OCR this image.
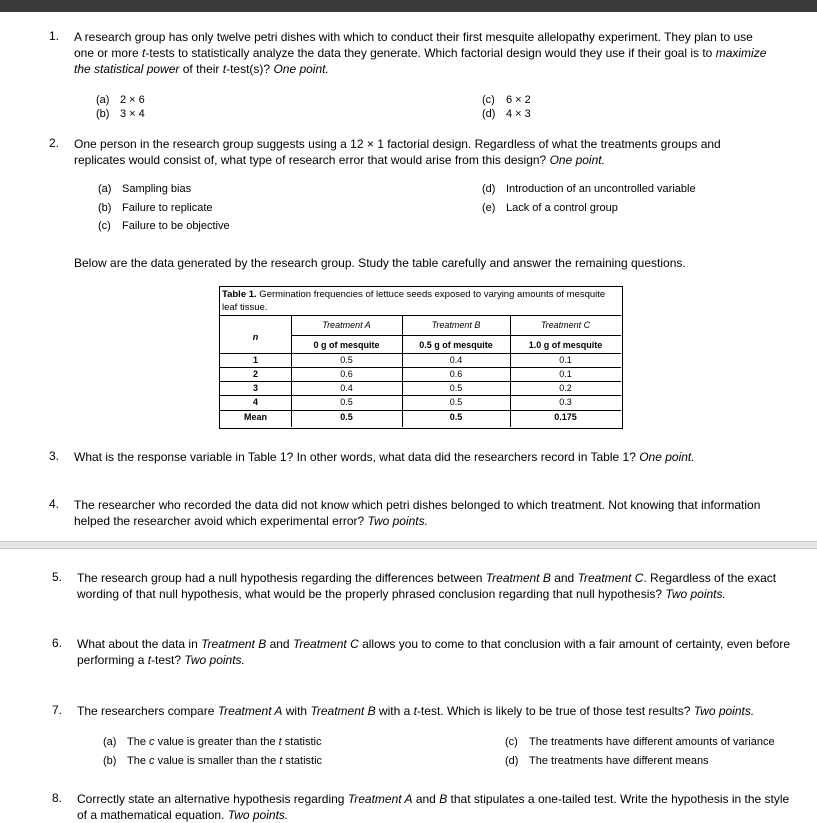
1. A research group has only twelve petri dishes with which to conduct their first mesquite allelopathy experiment. They plan to use one or more t-tests to statistically analyze the data they generate. Which factorial design would they use if their goal is to maximize the statistical power of their t-test(s)? One point.
(a) 2 × 6
(b) 3 × 4
(c) 6 × 2
(d) 4 × 3
2. One person in the research group suggests using a 12 × 1 factorial design. Regardless of what the treatments groups and replicates would consist of, what type of research error that would arise from this design? One point.
(a) Sampling bias
(b) Failure to replicate
(c) Failure to be objective
(d) Introduction of an uncontrolled variable
(e) Lack of a control group
Below are the data generated by the research group. Study the table carefully and answer the remaining questions.
Table 1. Germination frequencies of lettuce seeds exposed to varying amounts of mesquite leaf tissue.
n
Treatment A	Treatment B	Treatment C
0 g of mesquite	0.5 g of mesquite	1.0 g of mesquite
1	0.5	0.4	0.1
2	0.6	0.6	0.1
3	0.4	0.5	0.2
4	0.5	0.5	0.3
Mean	0.5	0.5	0.175
3. What is the response variable in Table 1? In other words, what data did the researchers record in Table 1? One point.
4. The researcher who recorded the data did not know which petri dishes belonged to which treatment. Not knowing that information helped the researcher avoid which experimental error? Two points.
5. The research group had a null hypothesis regarding the differences between Treatment B and Treatment C. Regardless of the exact wording of that null hypothesis, what would be the properly phrased conclusion regarding that null hypothesis? Two points.
6. What about the data in Treatment B and Treatment C allows you to come to that conclusion with a fair amount of certainty, even before performing a t-test? Two points.
7. The researchers compare Treatment A with Treatment B with a t-test. Which is likely to be true of those test results? Two points.
(a) The c value is greater than the t statistic
(b) The c value is smaller than the t statistic
(c) The treatments have different amounts of variance
(d) The treatments have different means
8. Correctly state an alternative hypothesis regarding Treatment A and B that stipulates a one-tailed test. Write the hypothesis in the style of a mathematical equation. Two points.
